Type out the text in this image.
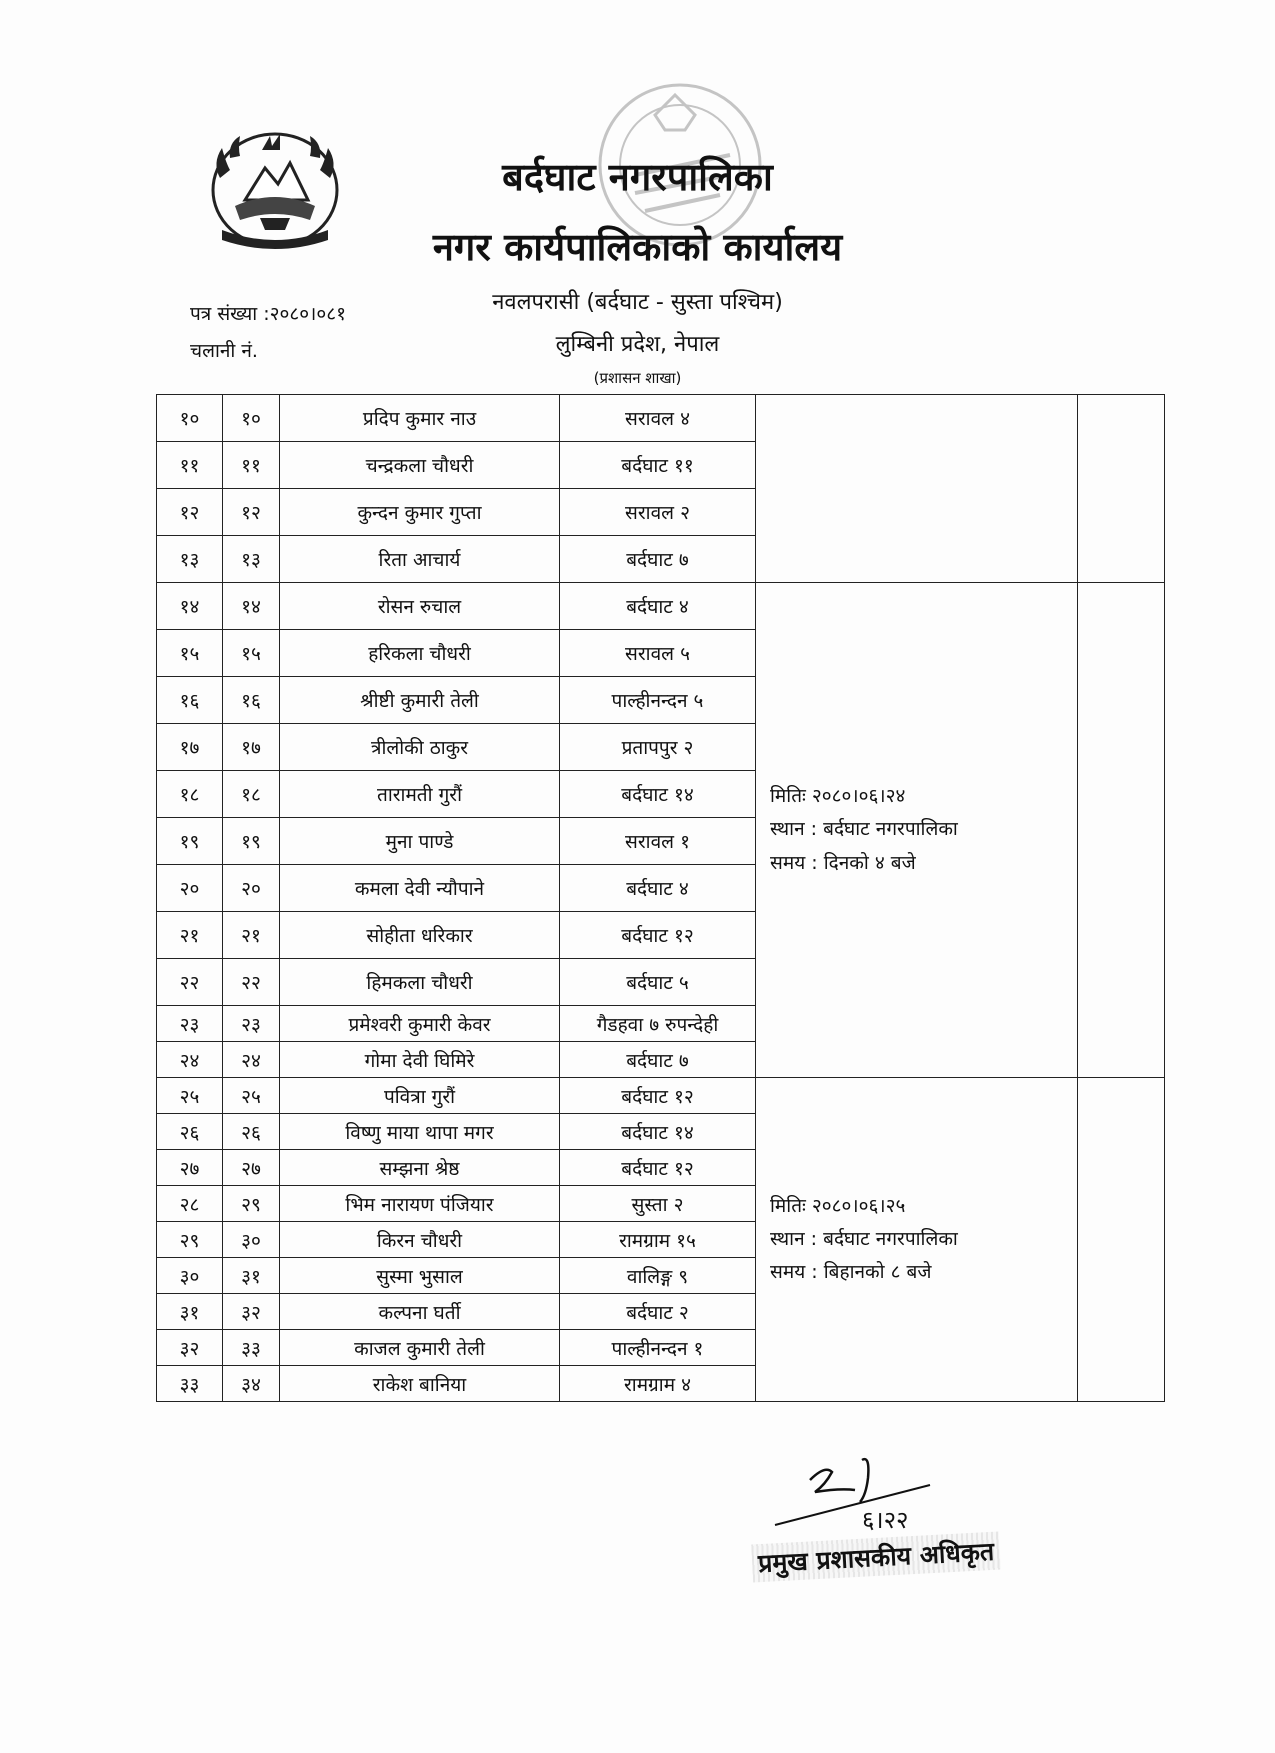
बर्दघाट नगरपालिका
नगर कार्यपालिकाको कार्यालय
नवलपरासी (बर्दघाट - सुस्ता पश्चिम)
लुम्बिनी प्रदेश, नेपाल
(प्रशासन शाखा)
पत्र संख्या :२०८०।०८१
चलानी नं.
१०	१०	प्रदिप कुमार नाउ	सरावल ४		
११	११	चन्द्रकला चौधरी	बर्दघाट ११		
१२	१२	कुन्दन कुमार गुप्ता	सरावल २		
१३	१३	रिता आचार्य	बर्दघाट ७		
१४	१४	रोसन रुचाल	बर्दघाट ४	मितिः २०८०।०६।२४
स्थान : बर्दघाट नगरपालिका
समय : दिनको ४ बजे	

१५	१५	हरिकला चौधरी	सरावल ५		
१६	१६	श्रीष्टी कुमारी तेली	पाल्हीनन्दन ५		
१७	१७	त्रीलोकी ठाकुर	प्रतापपुर २		
१८	१८	तारामती गुरौं	बर्दघाट १४		
१९	१९	मुना पाण्डे	सरावल १		
२०	२०	कमला देवी न्यौपाने	बर्दघाट ४		
२१	२१	सोहीता धरिकार	बर्दघाट १२		
२२	२२	हिमकला चौधरी	बर्दघाट ५		
२३	२३	प्रमेश्वरी कुमारी केवर	गैडहवा ७ रुपन्देही		
२४	२४	गोमा देवी घिमिरे	बर्दघाट ७		
२५	२५	पवित्रा गुरौं	बर्दघाट १२	मितिः २०८०।०६।२५
स्थान : बर्दघाट नगरपालिका
समय : बिहानको ८ बजे	

२६	२६	विष्णु माया थापा मगर	बर्दघाट १४		
२७	२७	सम्झना श्रेष्ठ	बर्दघाट १२		
२८	२९	भिम नारायण पंजियार	सुस्ता २		
२९	३०	किरन चौधरी	रामग्राम १५		
३०	३१	सुस्मा भुसाल	वालिङ्ग ९		
३१	३२	कल्पना घर्ती	बर्दघाट २		
३२	३३	काजल कुमारी तेली	पाल्हीनन्दन १		
३३	३४	राकेश बानिया	रामग्राम ४		
६।२२
प्रमुख प्रशासकीय अधिकृत
